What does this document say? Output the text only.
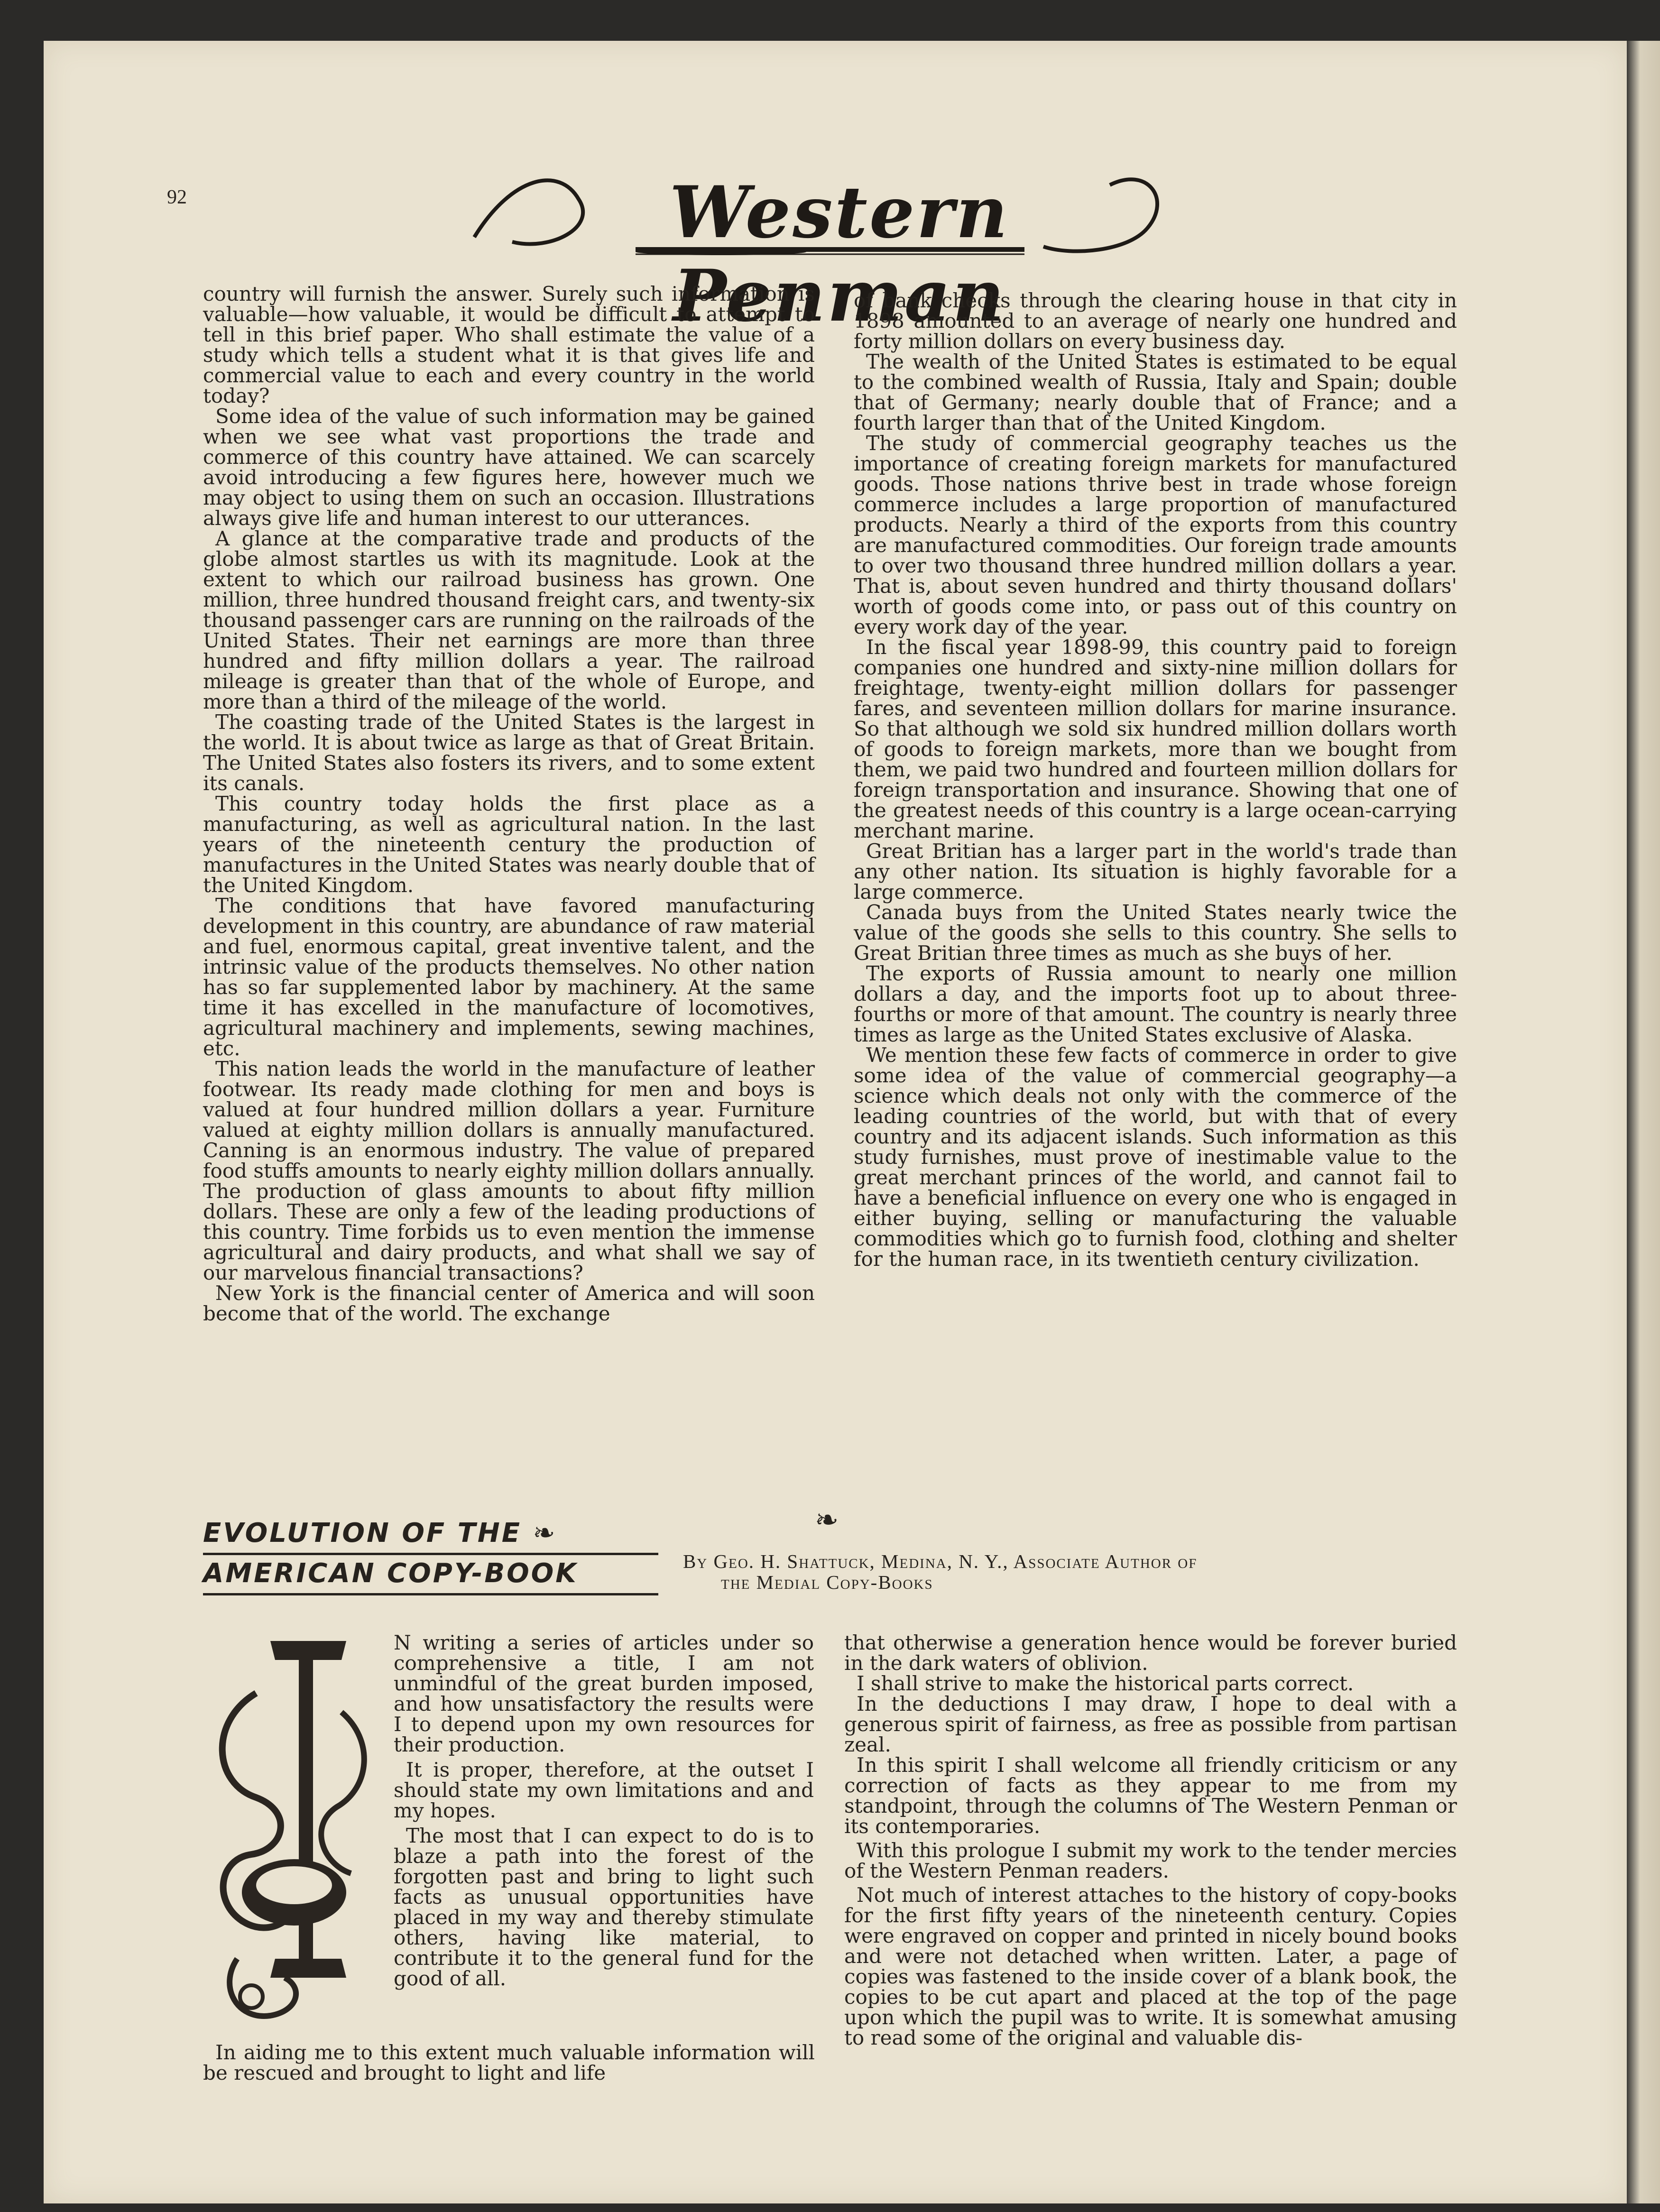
92	Western Penman

country will furnish the answer. Surely such information is valuable—how valuable, it would be difficult to attempt to tell in this brief paper. Who shall estimate the value of a study which tells a student what it is that gives life and commercial value to each and every country in the world today?

Some idea of the value of such information may be gained when we see what vast proportions the trade and commerce of this country have attained. We can scarcely avoid introducing a few figures here, however much we may object to using them on such an occasion. Illustrations always give life and human interest to our utterances.

A glance at the comparative trade and products of the globe almost startles us with its magnitude. Look at the extent to which our railroad business has grown. One million, three hundred thousand freight cars, and twenty-six thousand passenger cars are running on the railroads of the United States. Their net earnings are more than three hundred and fifty million dollars a year. The railroad mileage is greater than that of the whole of Europe, and more than a third of the mileage of the world.

The coasting trade of the United States is the largest in the world. It is about twice as large as that of Great Britain. The United States also fosters its rivers, and to some extent its canals.

This country today holds the first place as a manufacturing, as well as agricultural nation. In the last years of the nineteenth century the production of manufactures in the United States was nearly double that of the United Kingdom.

The conditions that have favored manufacturing development in this country, are abundance of raw material and fuel, enormous capital, great inventive talent, and the intrinsic value of the products themselves. No other nation has so far supplemented labor by machinery. At the same time it has excelled in the manufacture of locomotives, agricultural machinery and implements, sewing machines, etc.

This nation leads the world in the manufacture of leather footwear. Its ready made clothing for men and boys is valued at four hundred million dollars a year. Furniture valued at eighty million dollars is annually manufactured. Canning is an enormous industry. The value of prepared food stuffs amounts to nearly eighty million dollars annually. The production of glass amounts to about fifty million dollars. These are only a few of the leading productions of this country. Time forbids us to even mention the immense agricultural and dairy products, and what shall we say of our marvelous financial transactions?

New York is the financial center of America and will soon become that of the world. The exchange

of bank checks through the clearing house in that city in 1898 amounted to an average of nearly one hundred and forty million dollars on every business day.

The wealth of the United States is estimated to be equal to the combined wealth of Russia, Italy and Spain; double that of Germany; nearly double that of France; and a fourth larger than that of the United Kingdom.

The study of commercial geography teaches us the importance of creating foreign markets for manufactured goods. Those nations thrive best in trade whose foreign commerce includes a large proportion of manufactured products. Nearly a third of the exports from this country are manufactured commodities. Our foreign trade amounts to over two thousand three hundred million dollars a year. That is, about seven hundred and thirty thousand dollars' worth of goods come into, or pass out of this country on every work day of the year.

In the fiscal year 1898-99, this country paid to foreign companies one hundred and sixty-nine million dollars for freightage, twenty-eight million dollars for passenger fares, and seventeen million dollars for marine insurance. So that although we sold six hundred million dollars worth of goods to foreign markets, more than we bought from them, we paid two hundred and fourteen million dollars for foreign transportation and insurance. Showing that one of the greatest needs of this country is a large ocean-carrying merchant marine.

Great Britian has a larger part in the world's trade than any other nation. Its situation is highly favorable for a large commerce.

Canada buys from the United States nearly twice the value of the goods she sells to this country. She sells to Great Britian three times as much as she buys of her.

The exports of Russia amount to nearly one million dollars a day, and the imports foot up to about three-fourths or more of that amount. The country is nearly three times as large as the United States exclusive of Alaska.

We mention these few facts of commerce in order to give some idea of the value of commercial geography—a science which deals not only with the commerce of the leading countries of the world, but with that of every country and its adjacent islands. Such information as this study furnishes, must prove of inestimable value to the great merchant princes of the world, and cannot fail to have a beneficial influence on every one who is engaged in either buying, selling or manufacturing the valuable commodities which go to furnish food, clothing and shelter for the human race, in its twentieth century civilization.

❧
EVOLUTION OF THE ❧
AMERICAN COPY-BOOK	By Geo. H. Shattuck, Medina, N. Y., Associate Author of
the Medial Copy-Books

N writing a series of articles under so comprehensive a title, I am not unmindful of the great burden imposed, and how unsatisfactory the results were I to depend upon my own resources for their production.

It is proper, therefore, at the outset I should state my own limitations and and my hopes.

The most that I can expect to do is to blaze a path into the forest of the forgotten past and bring to light such facts as unusual opportunities have placed in my way and thereby stimulate others, having like material, to contribute it to the general fund for the good of all.

In aiding me to this extent much valuable information will be rescued and brought to light and life

that otherwise a generation hence would be forever buried in the dark waters of oblivion.

I shall strive to make the historical parts correct.

In the deductions I may draw, I hope to deal with a generous spirit of fairness, as free as possible from partisan zeal.

In this spirit I shall welcome all friendly criticism or any correction of facts as they appear to me from my standpoint, through the columns of The Western Penman or its contemporaries.

With this prologue I submit my work to the tender mercies of the Western Penman readers.

Not much of interest attaches to the history of copy-books for the first fifty years of the nineteenth century. Copies were engraved on copper and printed in nicely bound books and were not detached when written. Later, a page of copies was fastened to the inside cover of a blank book, the copies to be cut apart and placed at the top of the page upon which the pupil was to write. It is somewhat amusing to read some of the original and valuable dis-
